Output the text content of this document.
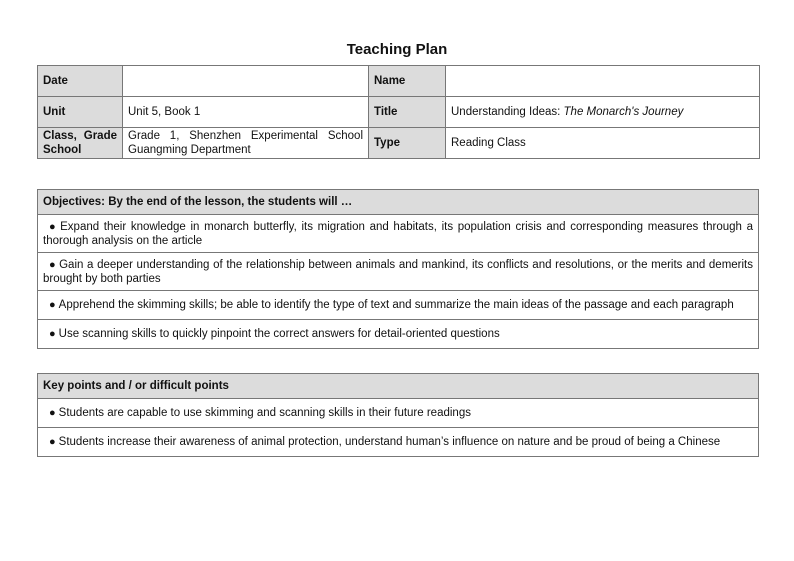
Teaching Plan
Date		Name	
Unit	Unit 5, Book 1	Title	Understanding Ideas: The Monarch's Journey
Class, Grade School	Grade 1, Shenzhen Experimental School Guangming Department	Type	Reading Class
Objectives: By the end of the lesson, the students will …
● Expand their knowledge in monarch butterfly, its migration and habitats, its population crisis and corresponding measures through a thorough analysis on the article
● Gain a deeper understanding of the relationship between animals and mankind, its conflicts and resolutions, or the merits and demerits brought by both parties
● Apprehend the skimming skills; be able to identify the type of text and summarize the main ideas of the passage and each paragraph
● Use scanning skills to quickly pinpoint the correct answers for detail-oriented questions
Key points and / or difficult points
● Students are capable to use skimming and scanning skills in their future readings
● Students increase their awareness of animal protection, understand human’s influence on nature and be proud of being a Chinese
